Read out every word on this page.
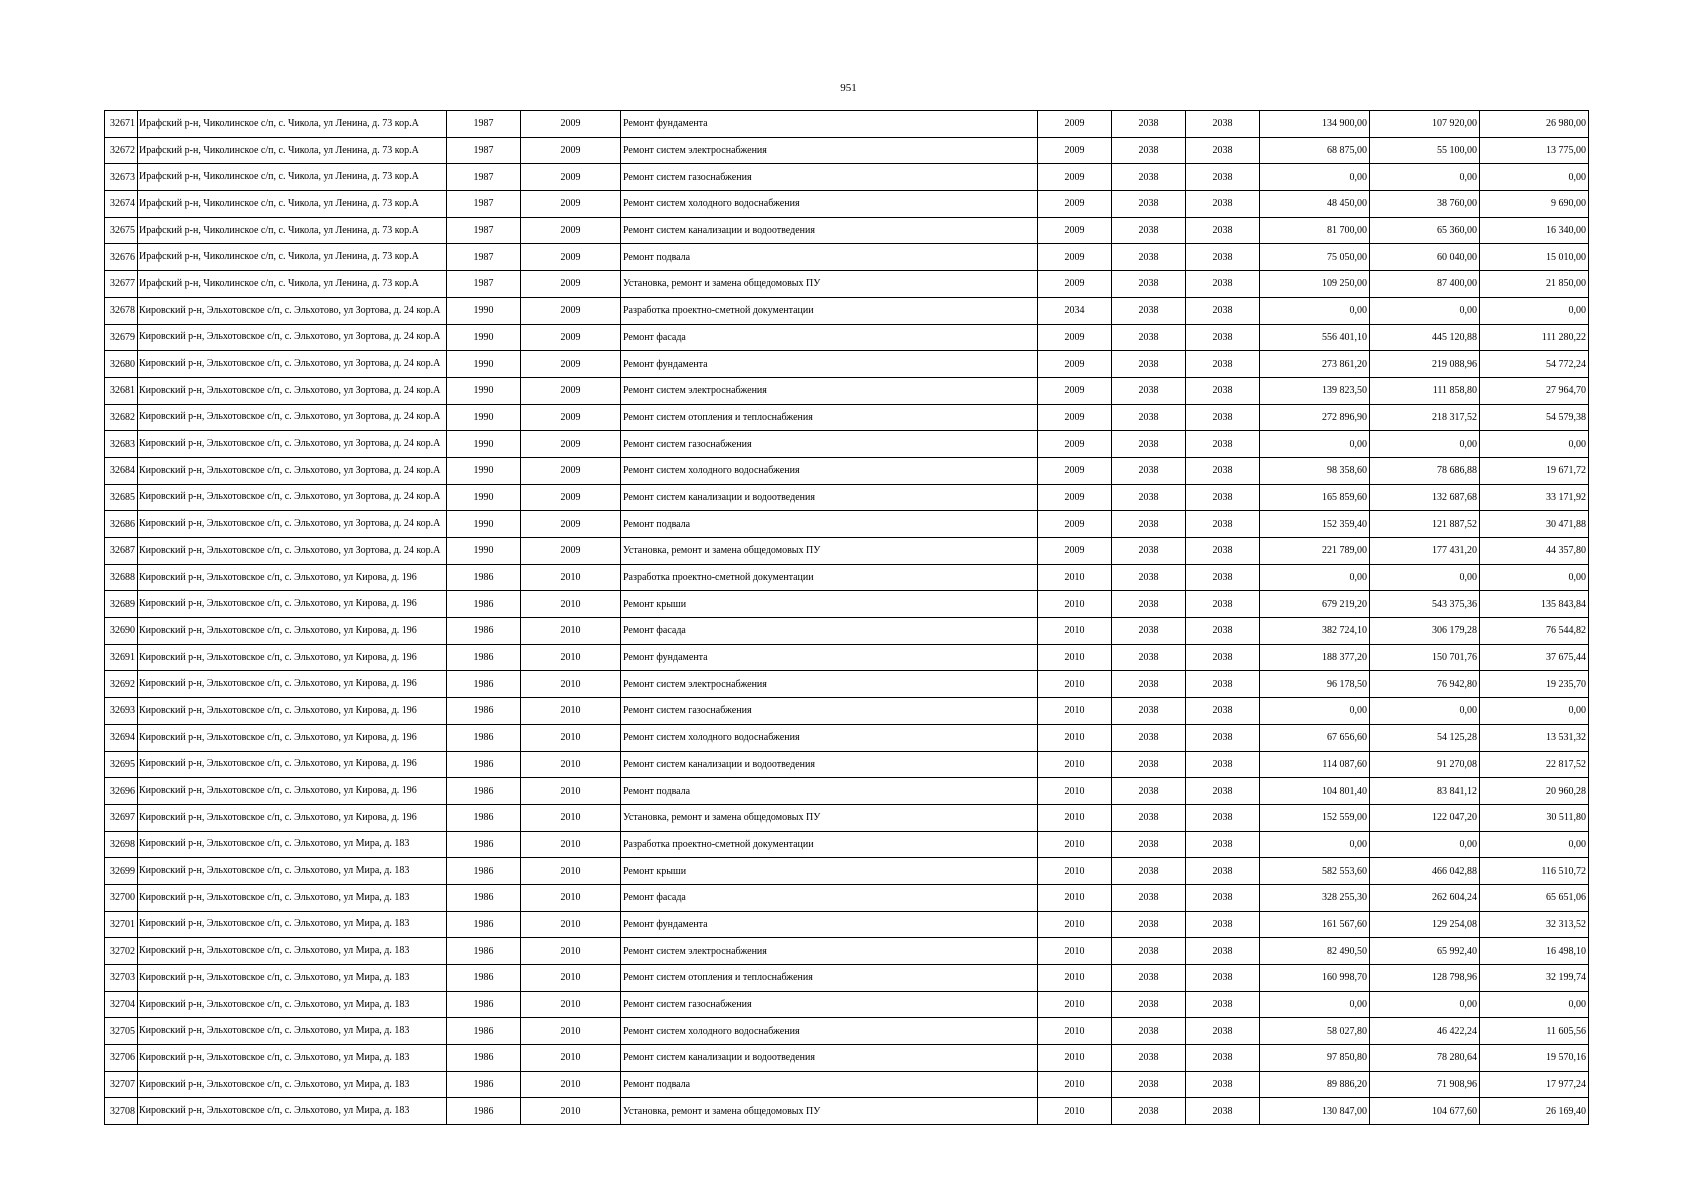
951
32671	Ирафский р-н, Чиколинское с/п, с. Чикола, ул Ленина, д. 73 кор.А	1987	2009	Ремонт фундамента	2009	2038	2038	134 900,00	107 920,00	26 980,00
32672	Ирафский р-н, Чиколинское с/п, с. Чикола, ул Ленина, д. 73 кор.А	1987	2009	Ремонт систем электроснабжения	2009	2038	2038	68 875,00	55 100,00	13 775,00
32673	Ирафский р-н, Чиколинское с/п, с. Чикола, ул Ленина, д. 73 кор.А	1987	2009	Ремонт систем газоснабжения	2009	2038	2038	0,00	0,00	0,00
32674	Ирафский р-н, Чиколинское с/п, с. Чикола, ул Ленина, д. 73 кор.А	1987	2009	Ремонт систем холодного водоснабжения	2009	2038	2038	48 450,00	38 760,00	9 690,00
32675	Ирафский р-н, Чиколинское с/п, с. Чикола, ул Ленина, д. 73 кор.А	1987	2009	Ремонт систем канализации и водоотведения	2009	2038	2038	81 700,00	65 360,00	16 340,00
32676	Ирафский р-н, Чиколинское с/п, с. Чикола, ул Ленина, д. 73 кор.А	1987	2009	Ремонт подвала	2009	2038	2038	75 050,00	60 040,00	15 010,00
32677	Ирафский р-н, Чиколинское с/п, с. Чикола, ул Ленина, д. 73 кор.А	1987	2009	Установка, ремонт и замена общедомовых ПУ	2009	2038	2038	109 250,00	87 400,00	21 850,00
32678	Кировский р-н, Эльхотовское с/п, с. Эльхотово, ул Зортова, д. 24 кор.А	1990	2009	Разработка проектно-сметной документации	2034	2038	2038	0,00	0,00	0,00
32679	Кировский р-н, Эльхотовское с/п, с. Эльхотово, ул Зортова, д. 24 кор.А	1990	2009	Ремонт фасада	2009	2038	2038	556 401,10	445 120,88	111 280,22
32680	Кировский р-н, Эльхотовское с/п, с. Эльхотово, ул Зортова, д. 24 кор.А	1990	2009	Ремонт фундамента	2009	2038	2038	273 861,20	219 088,96	54 772,24
32681	Кировский р-н, Эльхотовское с/п, с. Эльхотово, ул Зортова, д. 24 кор.А	1990	2009	Ремонт систем электроснабжения	2009	2038	2038	139 823,50	111 858,80	27 964,70
32682	Кировский р-н, Эльхотовское с/п, с. Эльхотово, ул Зортова, д. 24 кор.А	1990	2009	Ремонт систем отопления и теплоснабжения	2009	2038	2038	272 896,90	218 317,52	54 579,38
32683	Кировский р-н, Эльхотовское с/п, с. Эльхотово, ул Зортова, д. 24 кор.А	1990	2009	Ремонт систем газоснабжения	2009	2038	2038	0,00	0,00	0,00
32684	Кировский р-н, Эльхотовское с/п, с. Эльхотово, ул Зортова, д. 24 кор.А	1990	2009	Ремонт систем холодного водоснабжения	2009	2038	2038	98 358,60	78 686,88	19 671,72
32685	Кировский р-н, Эльхотовское с/п, с. Эльхотово, ул Зортова, д. 24 кор.А	1990	2009	Ремонт систем канализации и водоотведения	2009	2038	2038	165 859,60	132 687,68	33 171,92
32686	Кировский р-н, Эльхотовское с/п, с. Эльхотово, ул Зортова, д. 24 кор.А	1990	2009	Ремонт подвала	2009	2038	2038	152 359,40	121 887,52	30 471,88
32687	Кировский р-н, Эльхотовское с/п, с. Эльхотово, ул Зортова, д. 24 кор.А	1990	2009	Установка, ремонт и замена общедомовых ПУ	2009	2038	2038	221 789,00	177 431,20	44 357,80
32688	Кировский р-н, Эльхотовское с/п, с. Эльхотово, ул Кирова, д. 196	1986	2010	Разработка проектно-сметной документации	2010	2038	2038	0,00	0,00	0,00
32689	Кировский р-н, Эльхотовское с/п, с. Эльхотово, ул Кирова, д. 196	1986	2010	Ремонт крыши	2010	2038	2038	679 219,20	543 375,36	135 843,84
32690	Кировский р-н, Эльхотовское с/п, с. Эльхотово, ул Кирова, д. 196	1986	2010	Ремонт фасада	2010	2038	2038	382 724,10	306 179,28	76 544,82
32691	Кировский р-н, Эльхотовское с/п, с. Эльхотово, ул Кирова, д. 196	1986	2010	Ремонт фундамента	2010	2038	2038	188 377,20	150 701,76	37 675,44
32692	Кировский р-н, Эльхотовское с/п, с. Эльхотово, ул Кирова, д. 196	1986	2010	Ремонт систем электроснабжения	2010	2038	2038	96 178,50	76 942,80	19 235,70
32693	Кировский р-н, Эльхотовское с/п, с. Эльхотово, ул Кирова, д. 196	1986	2010	Ремонт систем газоснабжения	2010	2038	2038	0,00	0,00	0,00
32694	Кировский р-н, Эльхотовское с/п, с. Эльхотово, ул Кирова, д. 196	1986	2010	Ремонт систем холодного водоснабжения	2010	2038	2038	67 656,60	54 125,28	13 531,32
32695	Кировский р-н, Эльхотовское с/п, с. Эльхотово, ул Кирова, д. 196	1986	2010	Ремонт систем канализации и водоотведения	2010	2038	2038	114 087,60	91 270,08	22 817,52
32696	Кировский р-н, Эльхотовское с/п, с. Эльхотово, ул Кирова, д. 196	1986	2010	Ремонт подвала	2010	2038	2038	104 801,40	83 841,12	20 960,28
32697	Кировский р-н, Эльхотовское с/п, с. Эльхотово, ул Кирова, д. 196	1986	2010	Установка, ремонт и замена общедомовых ПУ	2010	2038	2038	152 559,00	122 047,20	30 511,80
32698	Кировский р-н, Эльхотовское с/п, с. Эльхотово, ул Мира, д. 183	1986	2010	Разработка проектно-сметной документации	2010	2038	2038	0,00	0,00	0,00
32699	Кировский р-н, Эльхотовское с/п, с. Эльхотово, ул Мира, д. 183	1986	2010	Ремонт крыши	2010	2038	2038	582 553,60	466 042,88	116 510,72
32700	Кировский р-н, Эльхотовское с/п, с. Эльхотово, ул Мира, д. 183	1986	2010	Ремонт фасада	2010	2038	2038	328 255,30	262 604,24	65 651,06
32701	Кировский р-н, Эльхотовское с/п, с. Эльхотово, ул Мира, д. 183	1986	2010	Ремонт фундамента	2010	2038	2038	161 567,60	129 254,08	32 313,52
32702	Кировский р-н, Эльхотовское с/п, с. Эльхотово, ул Мира, д. 183	1986	2010	Ремонт систем электроснабжения	2010	2038	2038	82 490,50	65 992,40	16 498,10
32703	Кировский р-н, Эльхотовское с/п, с. Эльхотово, ул Мира, д. 183	1986	2010	Ремонт систем отопления и теплоснабжения	2010	2038	2038	160 998,70	128 798,96	32 199,74
32704	Кировский р-н, Эльхотовское с/п, с. Эльхотово, ул Мира, д. 183	1986	2010	Ремонт систем газоснабжения	2010	2038	2038	0,00	0,00	0,00
32705	Кировский р-н, Эльхотовское с/п, с. Эльхотово, ул Мира, д. 183	1986	2010	Ремонт систем холодного водоснабжения	2010	2038	2038	58 027,80	46 422,24	11 605,56
32706	Кировский р-н, Эльхотовское с/п, с. Эльхотово, ул Мира, д. 183	1986	2010	Ремонт систем канализации и водоотведения	2010	2038	2038	97 850,80	78 280,64	19 570,16
32707	Кировский р-н, Эльхотовское с/п, с. Эльхотово, ул Мира, д. 183	1986	2010	Ремонт подвала	2010	2038	2038	89 886,20	71 908,96	17 977,24
32708	Кировский р-н, Эльхотовское с/п, с. Эльхотово, ул Мира, д. 183	1986	2010	Установка, ремонт и замена общедомовых ПУ	2010	2038	2038	130 847,00	104 677,60	26 169,40
